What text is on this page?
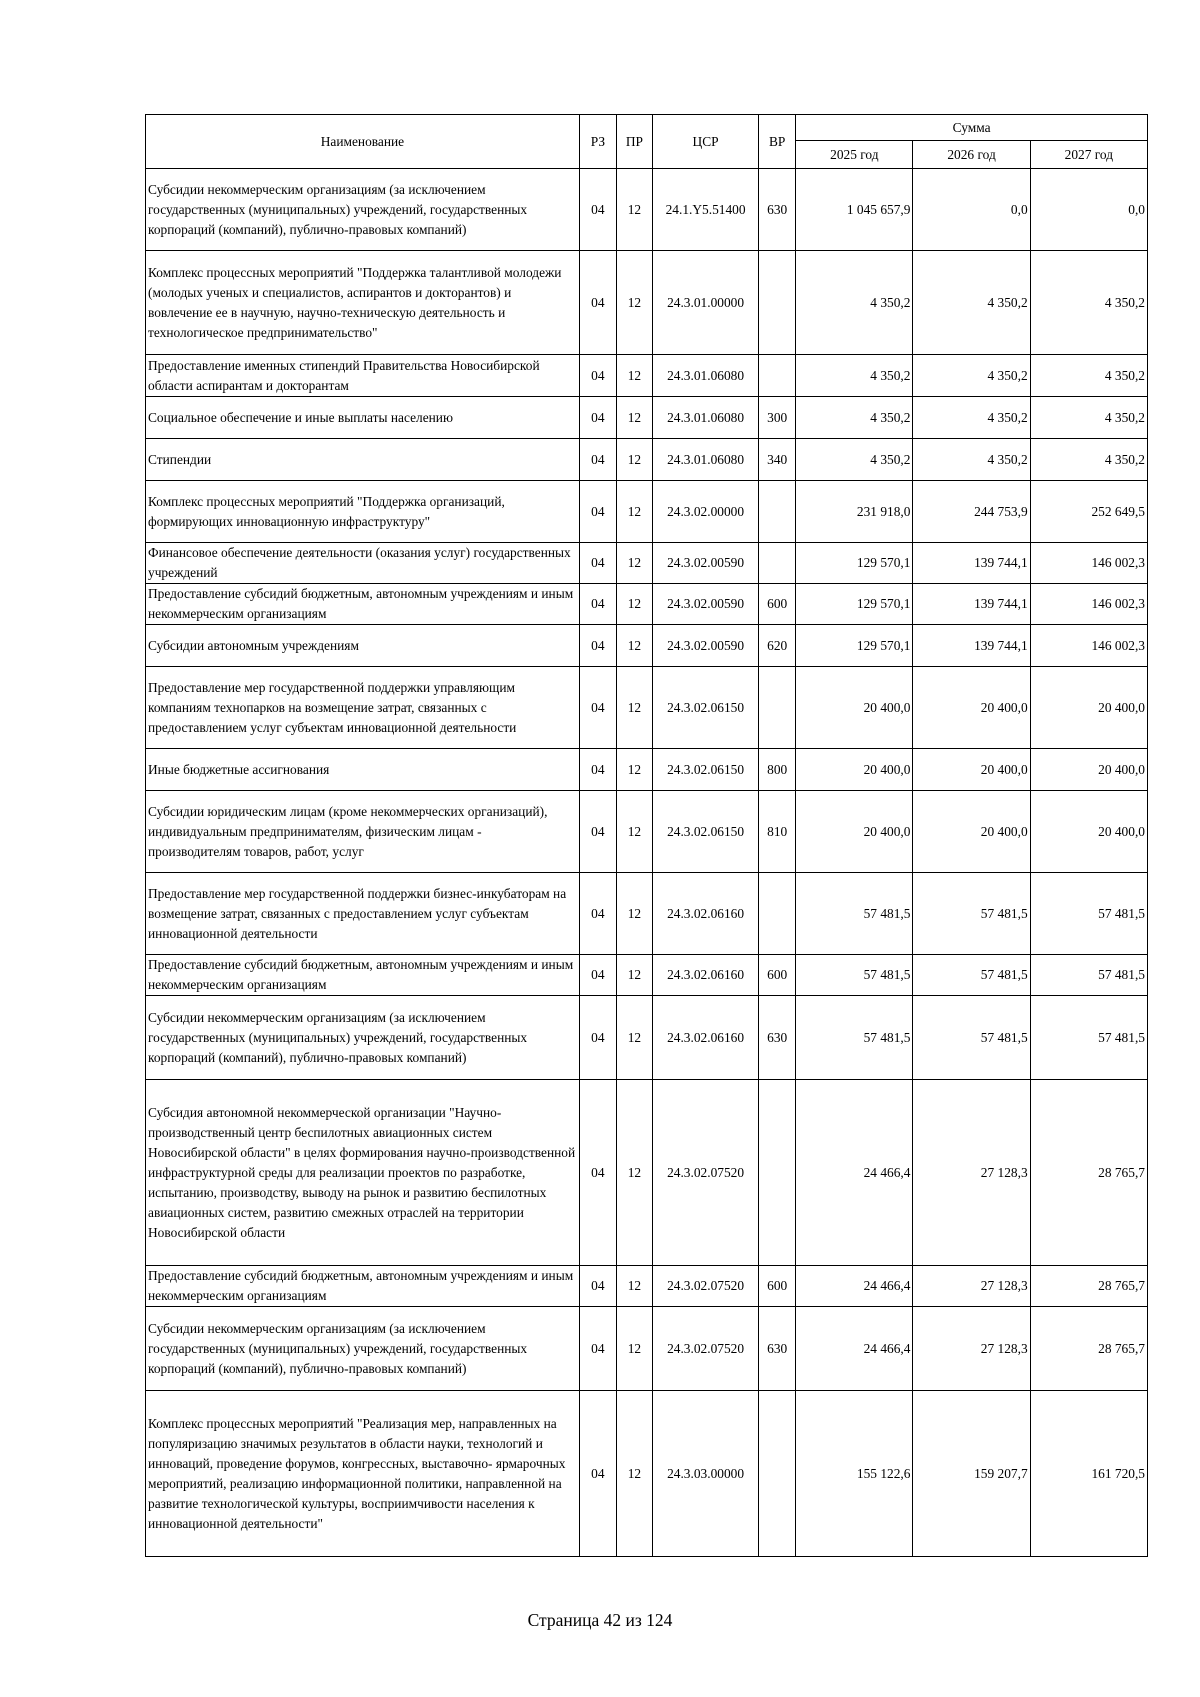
Наименование	РЗ	ПР	ЦСР	ВР	Сумма		
					2025 год	2026 год	2027 год
Субсидии некоммерческим организациям (за исключением государственных (муниципальных) учреждений, государственных корпораций (компаний), публично-правовых компаний)	04	12	24.1.Y5.51400	630	1 045 657,9	0,0	0,0
Комплекс процессных мероприятий "Поддержка талантливой молодежи (молодых ученых и специалистов, аспирантов и докторантов) и вовлечение ее в научную, научно-техническую деятельность и технологическое предпринимательство"	04	12	24.3.01.00000		4 350,2	4 350,2	4 350,2
Предоставление именных стипендий Правительства Новосибирской области аспирантам и докторантам	04	12	24.3.01.06080		4 350,2	4 350,2	4 350,2
Социальное обеспечение и иные выплаты населению	04	12	24.3.01.06080	300	4 350,2	4 350,2	4 350,2
Стипендии	04	12	24.3.01.06080	340	4 350,2	4 350,2	4 350,2
Комплекс процессных мероприятий "Поддержка организаций, формирующих инновационную инфраструктуру"	04	12	24.3.02.00000		231 918,0	244 753,9	252 649,5
Финансовое обеспечение деятельности (оказания услуг) государственных учреждений	04	12	24.3.02.00590		129 570,1	139 744,1	146 002,3
Предоставление субсидий бюджетным, автономным учреждениям и иным некоммерческим организациям	04	12	24.3.02.00590	600	129 570,1	139 744,1	146 002,3
Субсидии автономным учреждениям	04	12	24.3.02.00590	620	129 570,1	139 744,1	146 002,3
Предоставление мер государственной поддержки управляющим компаниям технопарков на возмещение затрат, связанных с предоставлением услуг субъектам инновационной деятельности	04	12	24.3.02.06150		20 400,0	20 400,0	20 400,0
Иные бюджетные ассигнования	04	12	24.3.02.06150	800	20 400,0	20 400,0	20 400,0
Субсидии юридическим лицам (кроме некоммерческих организаций), индивидуальным предпринимателям, физическим лицам - производителям товаров, работ, услуг	04	12	24.3.02.06150	810	20 400,0	20 400,0	20 400,0
Предоставление мер государственной поддержки бизнес-инкубаторам на возмещение затрат, связанных с предоставлением услуг субъектам инновационной деятельности	04	12	24.3.02.06160		57 481,5	57 481,5	57 481,5
Предоставление субсидий бюджетным, автономным учреждениям и иным некоммерческим организациям	04	12	24.3.02.06160	600	57 481,5	57 481,5	57 481,5
Субсидии некоммерческим организациям (за исключением государственных (муниципальных) учреждений, государственных корпораций (компаний), публично-правовых компаний)	04	12	24.3.02.06160	630	57 481,5	57 481,5	57 481,5
Субсидия автономной некоммерческой организации "Научно-производственный центр беспилотных авиационных систем Новосибирской области" в целях формирования научно-производственной инфраструктурной среды для реализации проектов по разработке, испытанию, производству, выводу на рынок и развитию беспилотных авиационных систем, развитию смежных отраслей на территории Новосибирской области	04	12	24.3.02.07520		24 466,4	27 128,3	28 765,7
Предоставление субсидий бюджетным, автономным учреждениям и иным некоммерческим организациям	04	12	24.3.02.07520	600	24 466,4	27 128,3	28 765,7
Субсидии некоммерческим организациям (за исключением государственных (муниципальных) учреждений, государственных корпораций (компаний), публично-правовых компаний)	04	12	24.3.02.07520	630	24 466,4	27 128,3	28 765,7
Комплекс процессных мероприятий "Реализация мер, направленных на популяризацию значимых результатов в области науки, технологий и инноваций, проведение форумов, конгрессных, выставочно- ярмарочных мероприятий, реализацию информационной политики, направленной на развитие технологической культуры, восприимчивости населения к инновационной деятельности"	04	12	24.3.03.00000		155 122,6	159 207,7	161 720,5
Страница 42 из 124
